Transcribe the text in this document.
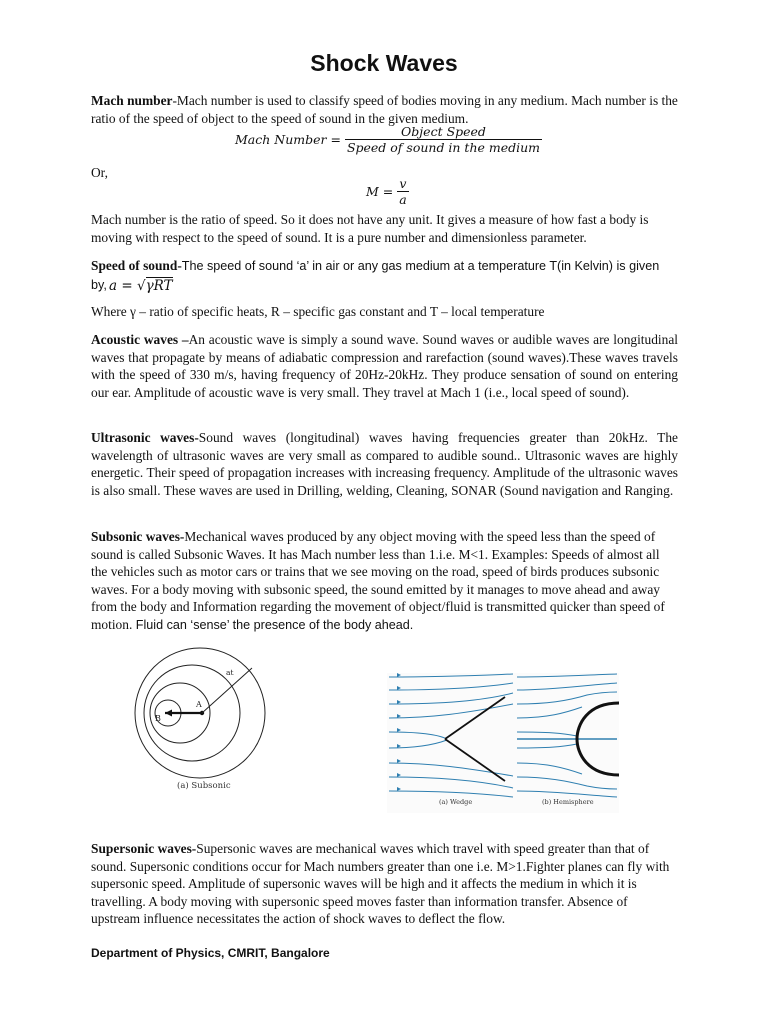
Shock Waves

Mach number-Mach number is used to classify speed of bodies moving in any medium. Mach number is the ratio of the speed of object to the speed of sound in the given medium.

Mach Number = $\frac{\text{Object Speed}}{\text{Speed of sound in the medium}}$

Or,

$M = \frac{v}{a}$

Mach number is the ratio of speed. So it does not have any unit. It gives a measure of how fast a body is moving with respect to the speed of sound. It is a pure number and dimensionless parameter.

Speed of sound-The speed of sound ‘a’ in air or any gas medium at a temperature T(in Kelvin) is given by, a = √γRT

Where γ – ratio of specific heats, R – specific gas constant and T – local temperature

Acoustic waves –An acoustic wave is simply a sound wave. Sound waves or audible waves are longitudinal waves that propagate by means of adiabatic compression and rarefaction (sound waves).These waves travels with the speed of 330 m/s, having frequency of 20Hz-20kHz. They produce sensation of sound on entering our ear. Amplitude of acoustic wave is very small. They travel at Mach 1 (i.e., local speed of sound).

Ultrasonic waves-Sound waves (longitudinal) waves having frequencies greater than 20kHz. The wavelength of ultrasonic waves are very small as compared to audible sound.. Ultrasonic waves are highly energetic. Their speed of propagation increases with increasing frequency. Amplitude of the ultrasonic waves is also small. These waves are used in Drilling, welding, Cleaning, SONAR (Sound navigation and Ranging.

Subsonic waves-Mechanical waves produced by any object moving with the speed less than the speed of sound is called Subsonic Waves. It has Mach number less than 1.i.e. M<1. Examples: Speeds of almost all the vehicles such as motor cars or trains that we see moving on the road, speed of birds produces subsonic waves. For a body moving with subsonic speed, the sound emitted by it manages to move ahead and away from the body and Information regarding the movement of object/fluid is transmitted quicker than speed of motion. Fluid can ‘sense’ the presence of the body ahead.

at
A
B
(a) Subsonic
(a) Wedge	(b) Hemisphere

Supersonic waves-Supersonic waves are mechanical waves which travel with speed greater than that of sound. Supersonic conditions occur for Mach numbers greater than one i.e. M>1.Fighter planes can fly with supersonic speed. Amplitude of supersonic waves will be high and it affects the medium in which it is travelling. A body moving with supersonic speed moves faster than information transfer. Absence of upstream influence necessitates the action of shock waves to deflect the flow.

Department of Physics, CMRIT, Bangalore
